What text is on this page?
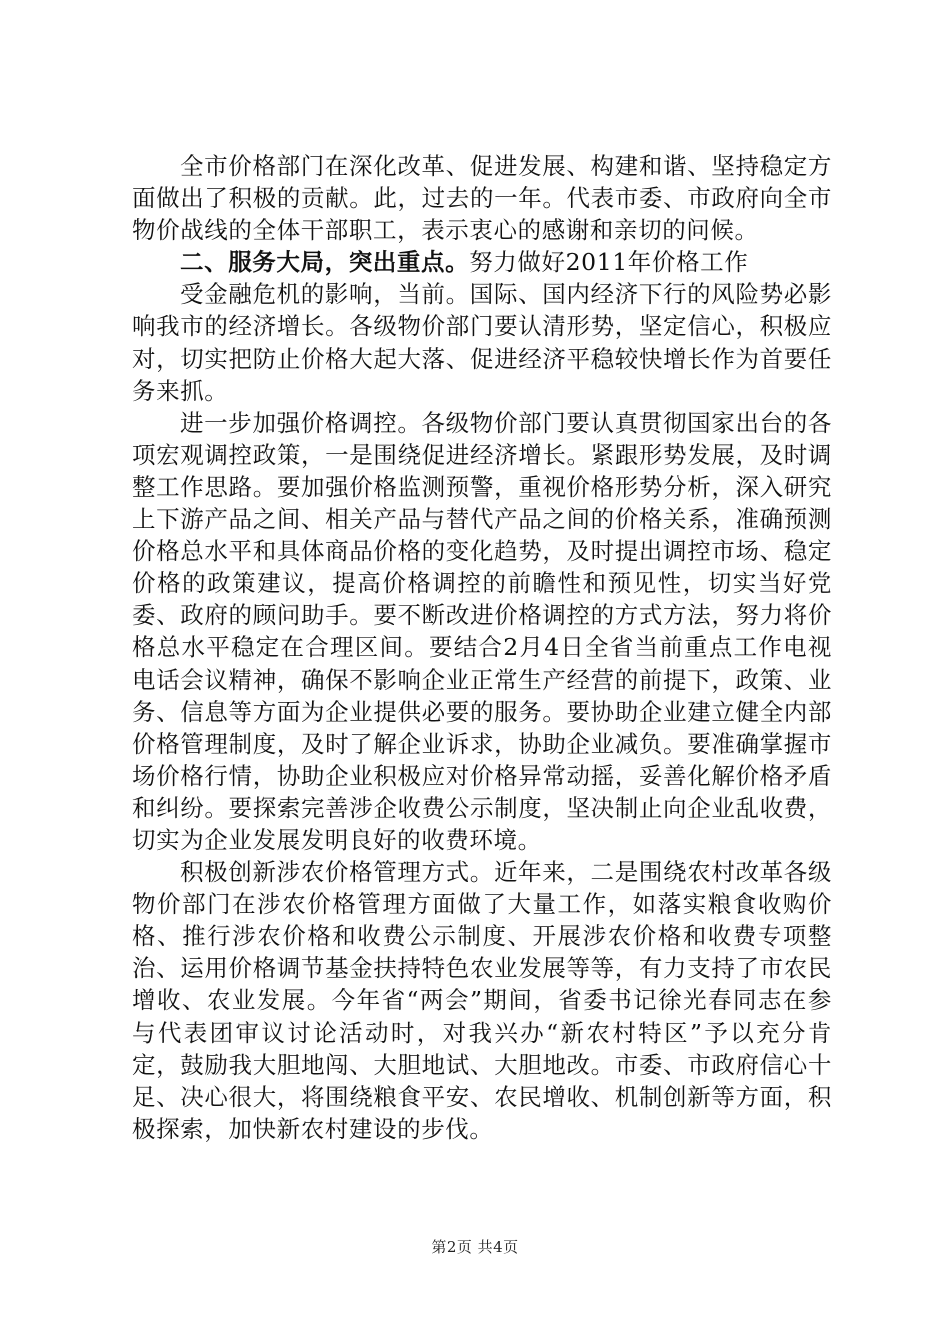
全市价格部门在深化改革、促进发展、构建和谐、坚持稳定方面做出了积极的贡献。此，过去的一年。代表市委、市政府向全市物价战线的全体干部职工，表示衷心的感谢和亲切的问候。

二、服务大局，突出重点。努力做好2011年价格工作

受金融危机的影响，当前。国际、国内经济下行的风险势必影响我市的经济增长。各级物价部门要认清形势，坚定信心，积极应对，切实把防止价格大起大落、促进经济平稳较快增长作为首要任务来抓。

进一步加强价格调控。各级物价部门要认真贯彻国家出台的各项宏观调控政策，一是围绕促进经济增长。紧跟形势发展，及时调整工作思路。要加强价格监测预警，重视价格形势分析，深入研究上下游产品之间、相关产品与替代产品之间的价格关系，准确预测价格总水平和具体商品价格的变化趋势，及时提出调控市场、稳定价格的政策建议，提高价格调控的前瞻性和预见性，切实当好党委、政府的顾问助手。要不断改进价格调控的方式方法，努力将价格总水平稳定在合理区间。要结合2月4日全省当前重点工作电视电话会议精神，确保不影响企业正常生产经营的前提下，政策、业务、信息等方面为企业提供必要的服务。要协助企业建立健全内部价格管理制度，及时了解企业诉求，协助企业减负。要准确掌握市场价格行情，协助企业积极应对价格异常动摇，妥善化解价格矛盾和纠纷。要探索完善涉企收费公示制度，坚决制止向企业乱收费，切实为企业发展发明良好的收费环境。

积极创新涉农价格管理方式。近年来，二是围绕农村改革各级物价部门在涉农价格管理方面做了大量工作，如落实粮食收购价格、推行涉农价格和收费公示制度、开展涉农价格和收费专项整治、运用价格调节基金扶持特色农业发展等等，有力支持了市农民增收、农业发展。今年省“两会”期间，省委书记徐光春同志在参与代表团审议讨论活动时，对我兴办“新农村特区”予以充分肯定，鼓励我大胆地闯、大胆地试、大胆地改。市委、市政府信心十足、决心很大，将围绕粮食平安、农民增收、机制创新等方面，积极探索，加快新农村建设的步伐。

第2页 共4页
